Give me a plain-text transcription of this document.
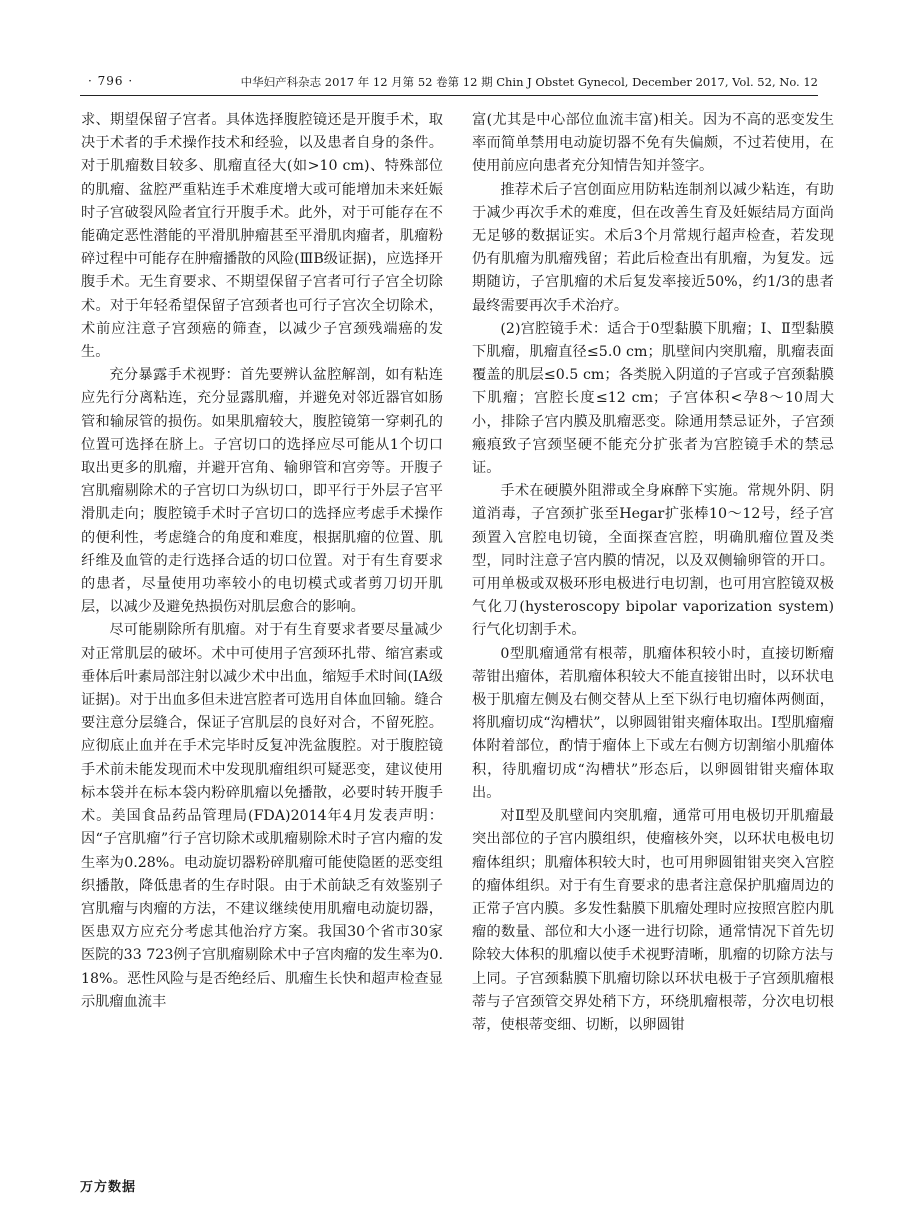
· 796 ·	中华妇产科杂志 2017 年 12 月第 52 卷第 12 期 Chin J Obstet Gynecol, December 2017, Vol. 52, No. 12

求、期望保留子宫者。具体选择腹腔镜还是开腹手术，取决于术者的手术操作技术和经验，以及患者自身的条件。对于肌瘤数目较多、肌瘤直径大(如>10 cm)、特殊部位的肌瘤、盆腔严重粘连手术难度增大或可能增加未来妊娠时子宫破裂风险者宜行开腹手术。此外，对于可能存在不能确定恶性潜能的平滑肌肿瘤甚至平滑肌肉瘤者，肌瘤粉碎过程中可能存在肿瘤播散的风险(ⅢB级证据)，应选择开腹手术。无生育要求、不期望保留子宫者可行子宫全切除术。对于年轻希望保留子宫颈者也可行子宫次全切除术，术前应注意子宫颈癌的筛查，以减少子宫颈残端癌的发生。

充分暴露手术视野：首先要辨认盆腔解剖，如有粘连应先行分离粘连，充分显露肌瘤，并避免对邻近器官如肠管和输尿管的损伤。如果肌瘤较大，腹腔镜第一穿刺孔的位置可选择在脐上。子宫切口的选择应尽可能从1个切口取出更多的肌瘤，并避开宫角、输卵管和宫旁等。开腹子宫肌瘤剔除术的子宫切口为纵切口，即平行于外层子宫平滑肌走向；腹腔镜手术时子宫切口的选择应考虑手术操作的便利性，考虑缝合的角度和难度，根据肌瘤的位置、肌纤维及血管的走行选择合适的切口位置。对于有生育要求的患者，尽量使用功率较小的电切模式或者剪刀切开肌层，以减少及避免热损伤对肌层愈合的影响。

尽可能剔除所有肌瘤。对于有生育要求者要尽量减少对正常肌层的破坏。术中可使用子宫颈环扎带、缩宫素或垂体后叶素局部注射以减少术中出血，缩短手术时间(ⅠA级证据)。对于出血多但未进宫腔者可选用自体血回输。缝合要注意分层缝合，保证子宫肌层的良好对合，不留死腔。应彻底止血并在手术完毕时反复冲洗盆腹腔。对于腹腔镜手术前未能发现而术中发现肌瘤组织可疑恶变，建议使用标本袋并在标本袋内粉碎肌瘤以免播散，必要时转开腹手术。美国食品药品管理局(FDA)2014年4月发表声明：因“子宫肌瘤”行子宫切除术或肌瘤剔除术时子宫内瘤的发生率为0.28%。电动旋切器粉碎肌瘤可能使隐匿的恶变组织播散，降低患者的生存时限。由于术前缺乏有效鉴别子宫肌瘤与肉瘤的方法，不建议继续使用肌瘤电动旋切器，医患双方应充分考虑其他治疗方案。我国30个省市30家医院的33 723例子宫肌瘤剔除术中子宫肉瘤的发生率为0.18%。恶性风险与是否绝经后、肌瘤生长快和超声检查显示肌瘤血流丰

富(尤其是中心部位血流丰富)相关。因为不高的恶变发生率而简单禁用电动旋切器不免有失偏颇，不过若使用，在使用前应向患者充分知情告知并签字。

推荐术后子宫创面应用防粘连制剂以减少粘连，有助于减少再次手术的难度，但在改善生育及妊娠结局方面尚无足够的数据证实。术后3个月常规行超声检查，若发现仍有肌瘤为肌瘤残留；若此后检查出有肌瘤，为复发。远期随访，子宫肌瘤的术后复发率接近50%，约1/3的患者最终需要再次手术治疗。

(2)宫腔镜手术：适合于0型黏膜下肌瘤；Ⅰ、Ⅱ型黏膜下肌瘤，肌瘤直径≤5.0 cm；肌壁间内突肌瘤，肌瘤表面覆盖的肌层≤0.5 cm；各类脱入阴道的子宫或子宫颈黏膜下肌瘤；宫腔长度≤12 cm；子宫体积<孕8～10周大小，排除子宫内膜及肌瘤恶变。除通用禁忌证外，子宫颈瘢痕致子宫颈坚硬不能充分扩张者为宫腔镜手术的禁忌证。

手术在硬膜外阻滞或全身麻醉下实施。常规外阴、阴道消毒，子宫颈扩张至Hegar扩张棒10～12号，经子宫颈置入宫腔电切镜，全面探查宫腔，明确肌瘤位置及类型，同时注意子宫内膜的情况，以及双侧输卵管的开口。可用单极或双极环形电极进行电切割，也可用宫腔镜双极气化刀(hysteroscopy bipolar vaporization system)行气化切割手术。

0型肌瘤通常有根蒂，肌瘤体积较小时，直接切断瘤蒂钳出瘤体，若肌瘤体积较大不能直接钳出时，以环状电极于肌瘤左侧及右侧交替从上至下纵行电切瘤体两侧面，将肌瘤切成“沟槽状”，以卵圆钳钳夹瘤体取出。Ⅰ型肌瘤瘤体附着部位，酌情于瘤体上下或左右侧方切割缩小肌瘤体积，待肌瘤切成“沟槽状”形态后，以卵圆钳钳夹瘤体取出。

对Ⅱ型及肌壁间内突肌瘤，通常可用电极切开肌瘤最突出部位的子宫内膜组织，使瘤核外突，以环状电极电切瘤体组织；肌瘤体积较大时，也可用卵圆钳钳夹突入宫腔的瘤体组织。对于有生育要求的患者注意保护肌瘤周边的正常子宫内膜。多发性黏膜下肌瘤处理时应按照宫腔内肌瘤的数量、部位和大小逐一进行切除，通常情况下首先切除较大体积的肌瘤以使手术视野清晰，肌瘤的切除方法与上同。子宫颈黏膜下肌瘤切除以环状电极于子宫颈肌瘤根蒂与子宫颈管交界处稍下方，环绕肌瘤根蒂，分次电切根蒂，使根蒂变细、切断，以卵圆钳

万方数据
